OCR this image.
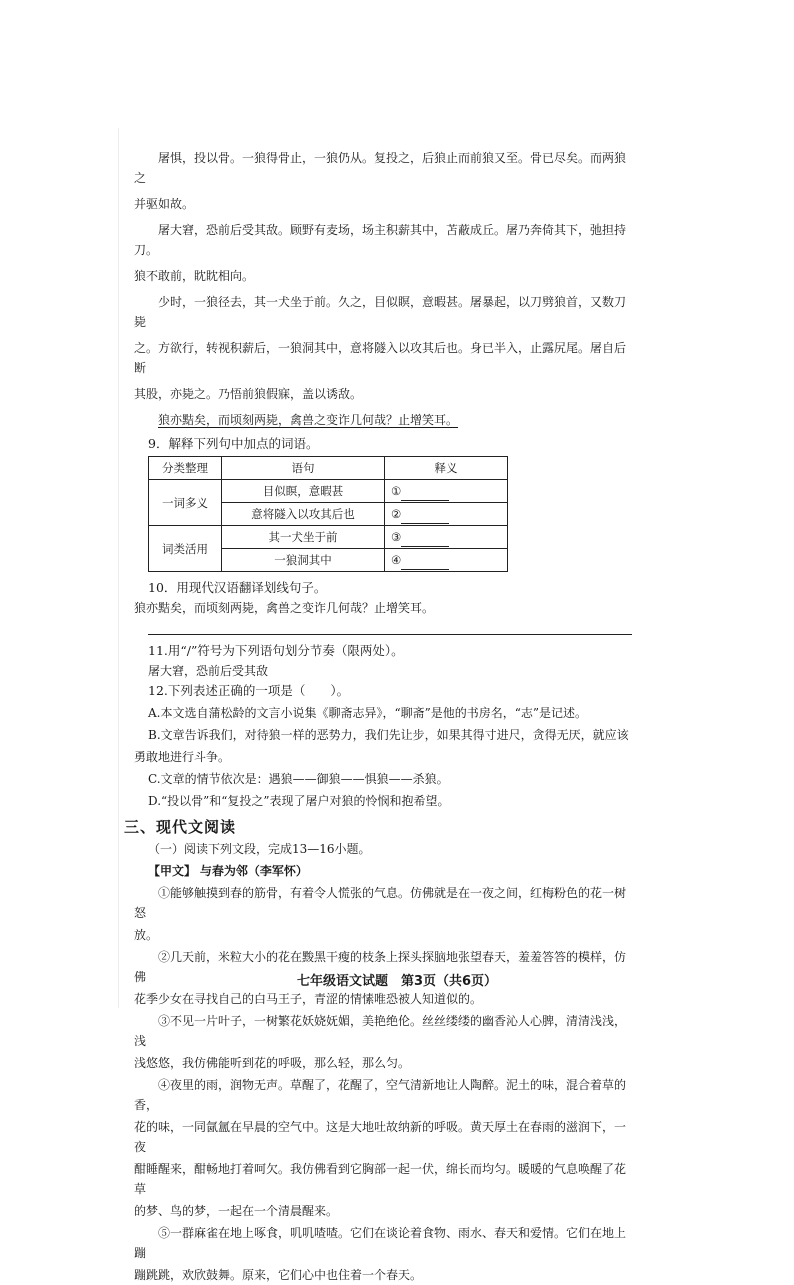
屠惧，投以骨。一狼得骨止，一狼仍从。复投之，后狼止而前狼又至。骨已尽矣。而两狼之

并驱如故。

屠大窘，恐前后受其敌。顾野有麦场，场主积薪其中，苫蔽成丘。屠乃奔倚其下，弛担持刀。

狼不敢前，眈眈相向。

少时，一狼径去，其一犬坐于前。久之，目似瞑，意暇甚。屠暴起，以刀劈狼首，又数刀毙

之。方欲行，转视积薪后，一狼洞其中，意将隧入以攻其后也。身已半入，止露尻尾。屠自后断

其股，亦毙之。乃悟前狼假寐，盖以诱敌。

狼亦黠矣，而顷刻两毙，禽兽之变诈几何哉？止增笑耳。

9．解释下列句中加点的词语。

分类整理	语句	释义
一词多义	目似瞑，意暇甚	①
	意将隧入以攻其后也	②
词类活用	其一犬坐于前	③
	一狼洞其中	④

10．用现代汉语翻译划线句子。

狼亦黠矣，而顷刻两毙，禽兽之变诈几何哉？止增笑耳。

11.用“/”符号为下列语句划分节奏（限两处）。

屠大窘，恐前后受其敌

12.下列表述正确的一项是（　　）。

A.本文选自蒲松龄的文言小说集《聊斋志异》，“聊斋”是他的书房名，“志”是记述。

B.文章告诉我们，对待狼一样的恶势力，我们先让步，如果其得寸进尺，贪得无厌，就应该

勇敢地进行斗争。

C.文章的情节依次是：遇狼——御狼——惧狼——杀狼。

D.“投以骨”和“复投之”表现了屠户对狼的怜悯和抱希望。

三、现代文阅读

（一）阅读下列文段，完成13—16小题。

【甲文】 与春为邻（李军怀）

①能够触摸到春的筋骨，有着令人慌张的气息。仿佛就是在一夜之间，红梅粉色的花一树怒

放。

②几天前，米粒大小的花在黢黑干瘦的枝条上探头探脑地张望春天，羞羞答答的模样，仿佛

花季少女在寻找自己的白马王子，青涩的情愫唯恐被人知道似的。

③不见一片叶子，一树繁花妖娆妩媚，美艳绝伦。丝丝缕缕的幽香沁人心脾，清清浅浅，浅

浅悠悠，我仿佛能听到花的呼吸，那么轻，那么匀。

④夜里的雨，润物无声。草醒了，花醒了，空气清新地让人陶醉。泥土的味，混合着草的香，

花的味，一同氤氲在早晨的空气中。这是大地吐故纳新的呼吸。黄天厚土在春雨的滋润下，一夜

酣睡醒来，酣畅地打着呵欠。我仿佛看到它胸部一起一伏，绵长而均匀。暖暖的气息唤醒了花草

的梦、鸟的梦，一起在一个清晨醒来。

⑤一群麻雀在地上啄食，叽叽喳喳。它们在谈论着食物、雨水、春天和爱情。它们在地上蹦

蹦跳跳，欢欣鼓舞。原来，它们心中也住着一个春天。

七年级语文试题　第3页（共6页）
